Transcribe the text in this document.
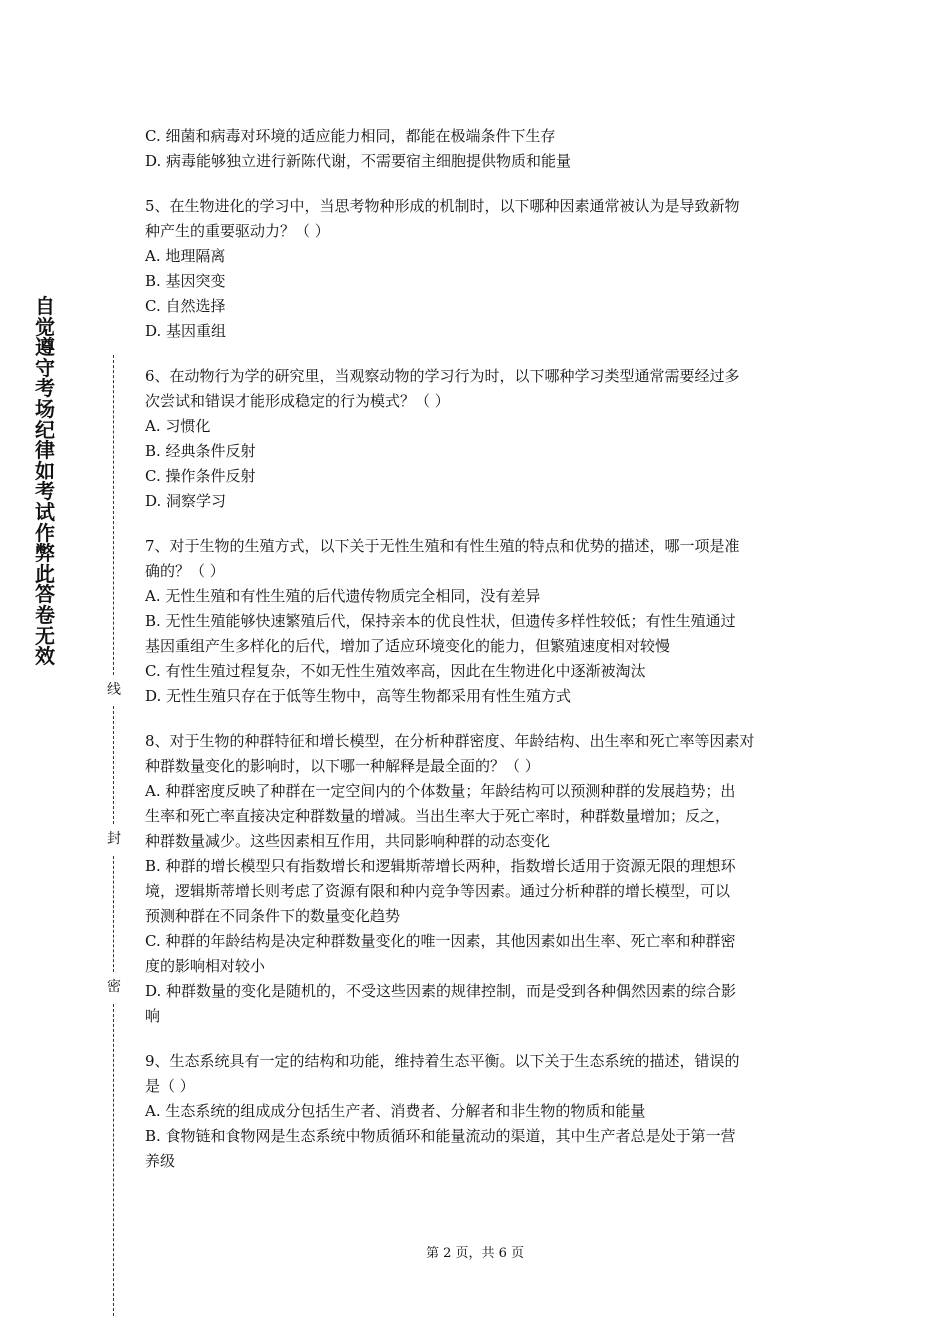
自觉遵守考场纪律如考试作弊此答卷无效
线
封
密
C. 细菌和病毒对环境的适应能力相同，都能在极端条件下生存
D. 病毒能够独立进行新陈代谢，不需要宿主细胞提供物质和能量
5、在生物进化的学习中，当思考物种形成的机制时，以下哪种因素通常被认为是导致新物
种产生的重要驱动力？（ ）
A. 地理隔离
B. 基因突变
C. 自然选择
D. 基因重组
6、在动物行为学的研究里，当观察动物的学习行为时，以下哪种学习类型通常需要经过多
次尝试和错误才能形成稳定的行为模式？（ ）
A. 习惯化
B. 经典条件反射
C. 操作条件反射
D. 洞察学习
7、对于生物的生殖方式，以下关于无性生殖和有性生殖的特点和优势的描述，哪一项是准
确的？（ ）
A. 无性生殖和有性生殖的后代遗传物质完全相同，没有差异
B. 无性生殖能够快速繁殖后代，保持亲本的优良性状，但遗传多样性较低；有性生殖通过
基因重组产生多样化的后代，增加了适应环境变化的能力，但繁殖速度相对较慢
C. 有性生殖过程复杂，不如无性生殖效率高，因此在生物进化中逐渐被淘汰
D. 无性生殖只存在于低等生物中，高等生物都采用有性生殖方式
8、对于生物的种群特征和增长模型，在分析种群密度、年龄结构、出生率和死亡率等因素对
种群数量变化的影响时，以下哪一种解释是最全面的？（ ）
A. 种群密度反映了种群在一定空间内的个体数量；年龄结构可以预测种群的发展趋势；出
生率和死亡率直接决定种群数量的增减。当出生率大于死亡率时，种群数量增加；反之，
种群数量减少。这些因素相互作用，共同影响种群的动态变化
B. 种群的增长模型只有指数增长和逻辑斯蒂增长两种，指数增长适用于资源无限的理想环
境，逻辑斯蒂增长则考虑了资源有限和种内竞争等因素。通过分析种群的增长模型，可以
预测种群在不同条件下的数量变化趋势
C. 种群的年龄结构是决定种群数量变化的唯一因素，其他因素如出生率、死亡率和种群密
度的影响相对较小
D. 种群数量的变化是随机的，不受这些因素的规律控制，而是受到各种偶然因素的综合影
响
9、生态系统具有一定的结构和功能，维持着生态平衡。以下关于生态系统的描述，错误的
是（ ）
A. 生态系统的组成成分包括生产者、消费者、分解者和非生物的物质和能量
B. 食物链和食物网是生态系统中物质循环和能量流动的渠道，其中生产者总是处于第一营
养级
第 2 页，共 6 页
